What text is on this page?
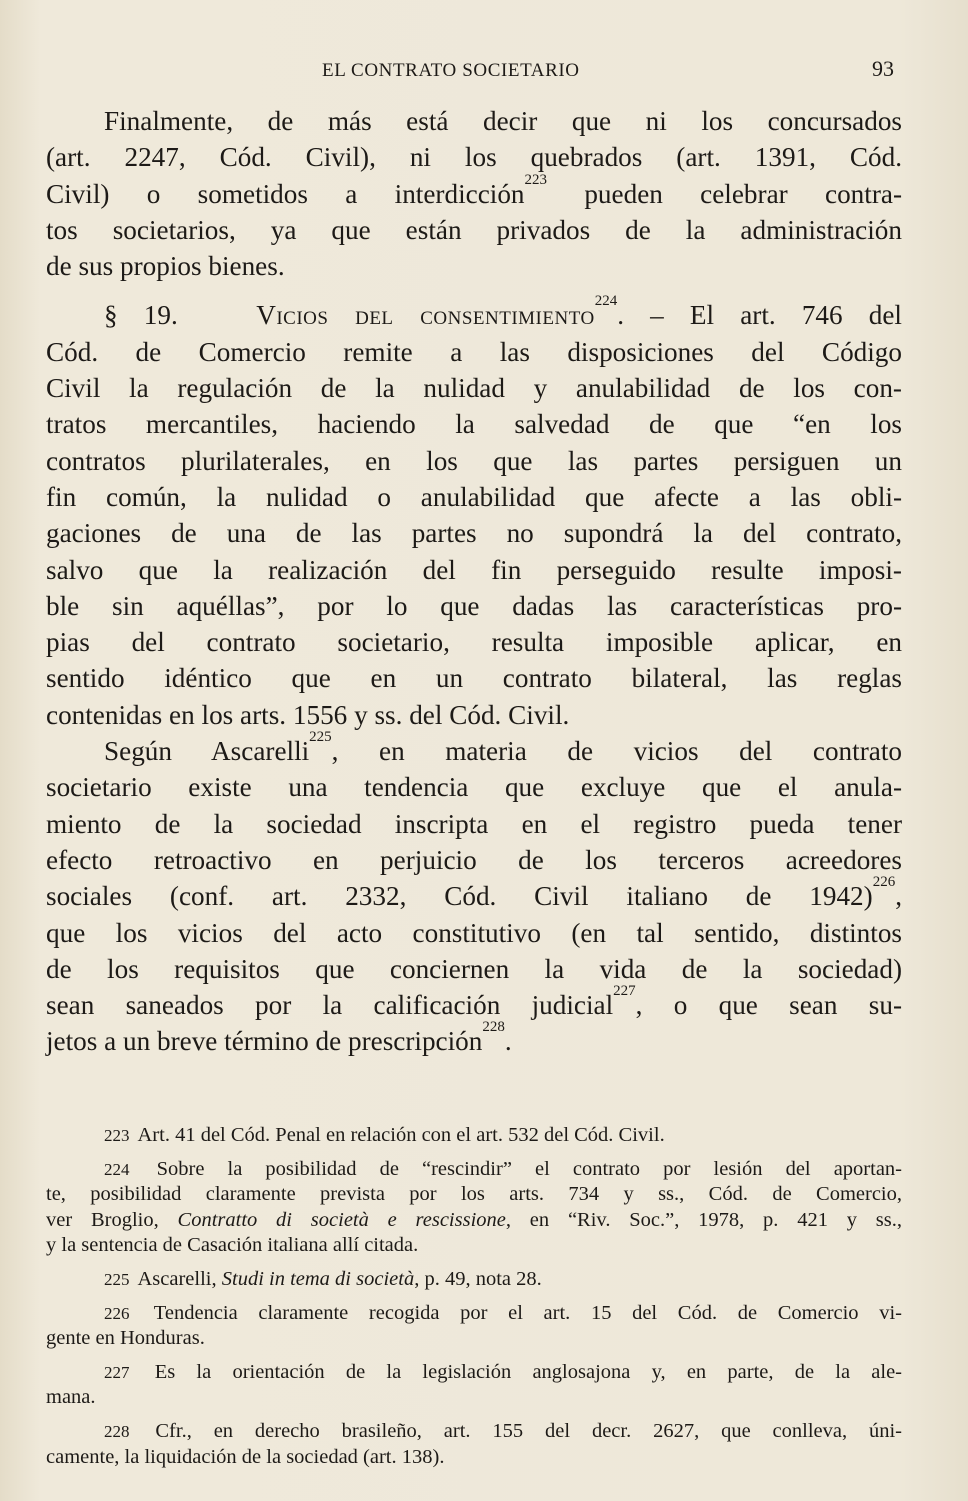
EL CONTRATO SOCIETARIO	93

Finalmente, de más está decir que ni los concursados

(art. 2247, Cód. Civil), ni los quebrados (art. 1391, Cód.

Civil) o sometidos a interdicción$^{223}$ pueden celebrar contra-

tos societarios, ya que están privados de la administración

de sus propios bienes.

§ 19.	Vicios del consentimiento$^{224}$. – El art. 746 del

Cód. de Comercio remite a las disposiciones del Código

Civil la regulación de la nulidad y anulabilidad de los con-

tratos mercantiles, haciendo la salvedad de que “en los

contratos plurilaterales, en los que las partes persiguen un

fin común, la nulidad o anulabilidad que afecte a las obli-

gaciones de una de las partes no supondrá la del contrato,

salvo que la realización del fin perseguido resulte imposi-

ble sin aquéllas”, por lo que dadas las características pro-

pias del contrato societario, resulta imposible aplicar, en

sentido idéntico que en un contrato bilateral, las reglas

contenidas en los arts. 1556 y ss. del Cód. Civil.

Según Ascarelli$^{225}$, en materia de vicios del contrato

societario existe una tendencia que excluye que el anula-

miento de la sociedad inscripta en el registro pueda tener

efecto retroactivo en perjuicio de los terceros acreedores

sociales (conf. art. 2332, Cód. Civil italiano de 1942)$^{226}$,

que los vicios del acto constitutivo (en tal sentido, distintos

de los requisitos que conciernen la vida de la sociedad)

sean saneados por la calificación judicial$^{227}$, o que sean su-

jetos a un breve término de prescripción$^{228}$.

223 Art. 41 del Cód. Penal en relación con el art. 532 del Cód. Civil.

224 Sobre la posibilidad de “rescindir” el contrato por lesión del aportan-

te, posibilidad claramente prevista por los arts. 734 y ss., Cód. de Comercio,

ver Broglio, Contratto di società e rescissione, en “Riv. Soc.”, 1978, p. 421 y ss.,

y la sentencia de Casación italiana allí citada.

225 Ascarelli, Studi in tema di società, p. 49, nota 28.

226 Tendencia claramente recogida por el art. 15 del Cód. de Comercio vi-

gente en Honduras.

227 Es la orientación de la legislación anglosajona y, en parte, de la ale-

mana.

228 Cfr., en derecho brasileño, art. 155 del decr. 2627, que conlleva, úni-

camente, la liquidación de la sociedad (art. 138).
